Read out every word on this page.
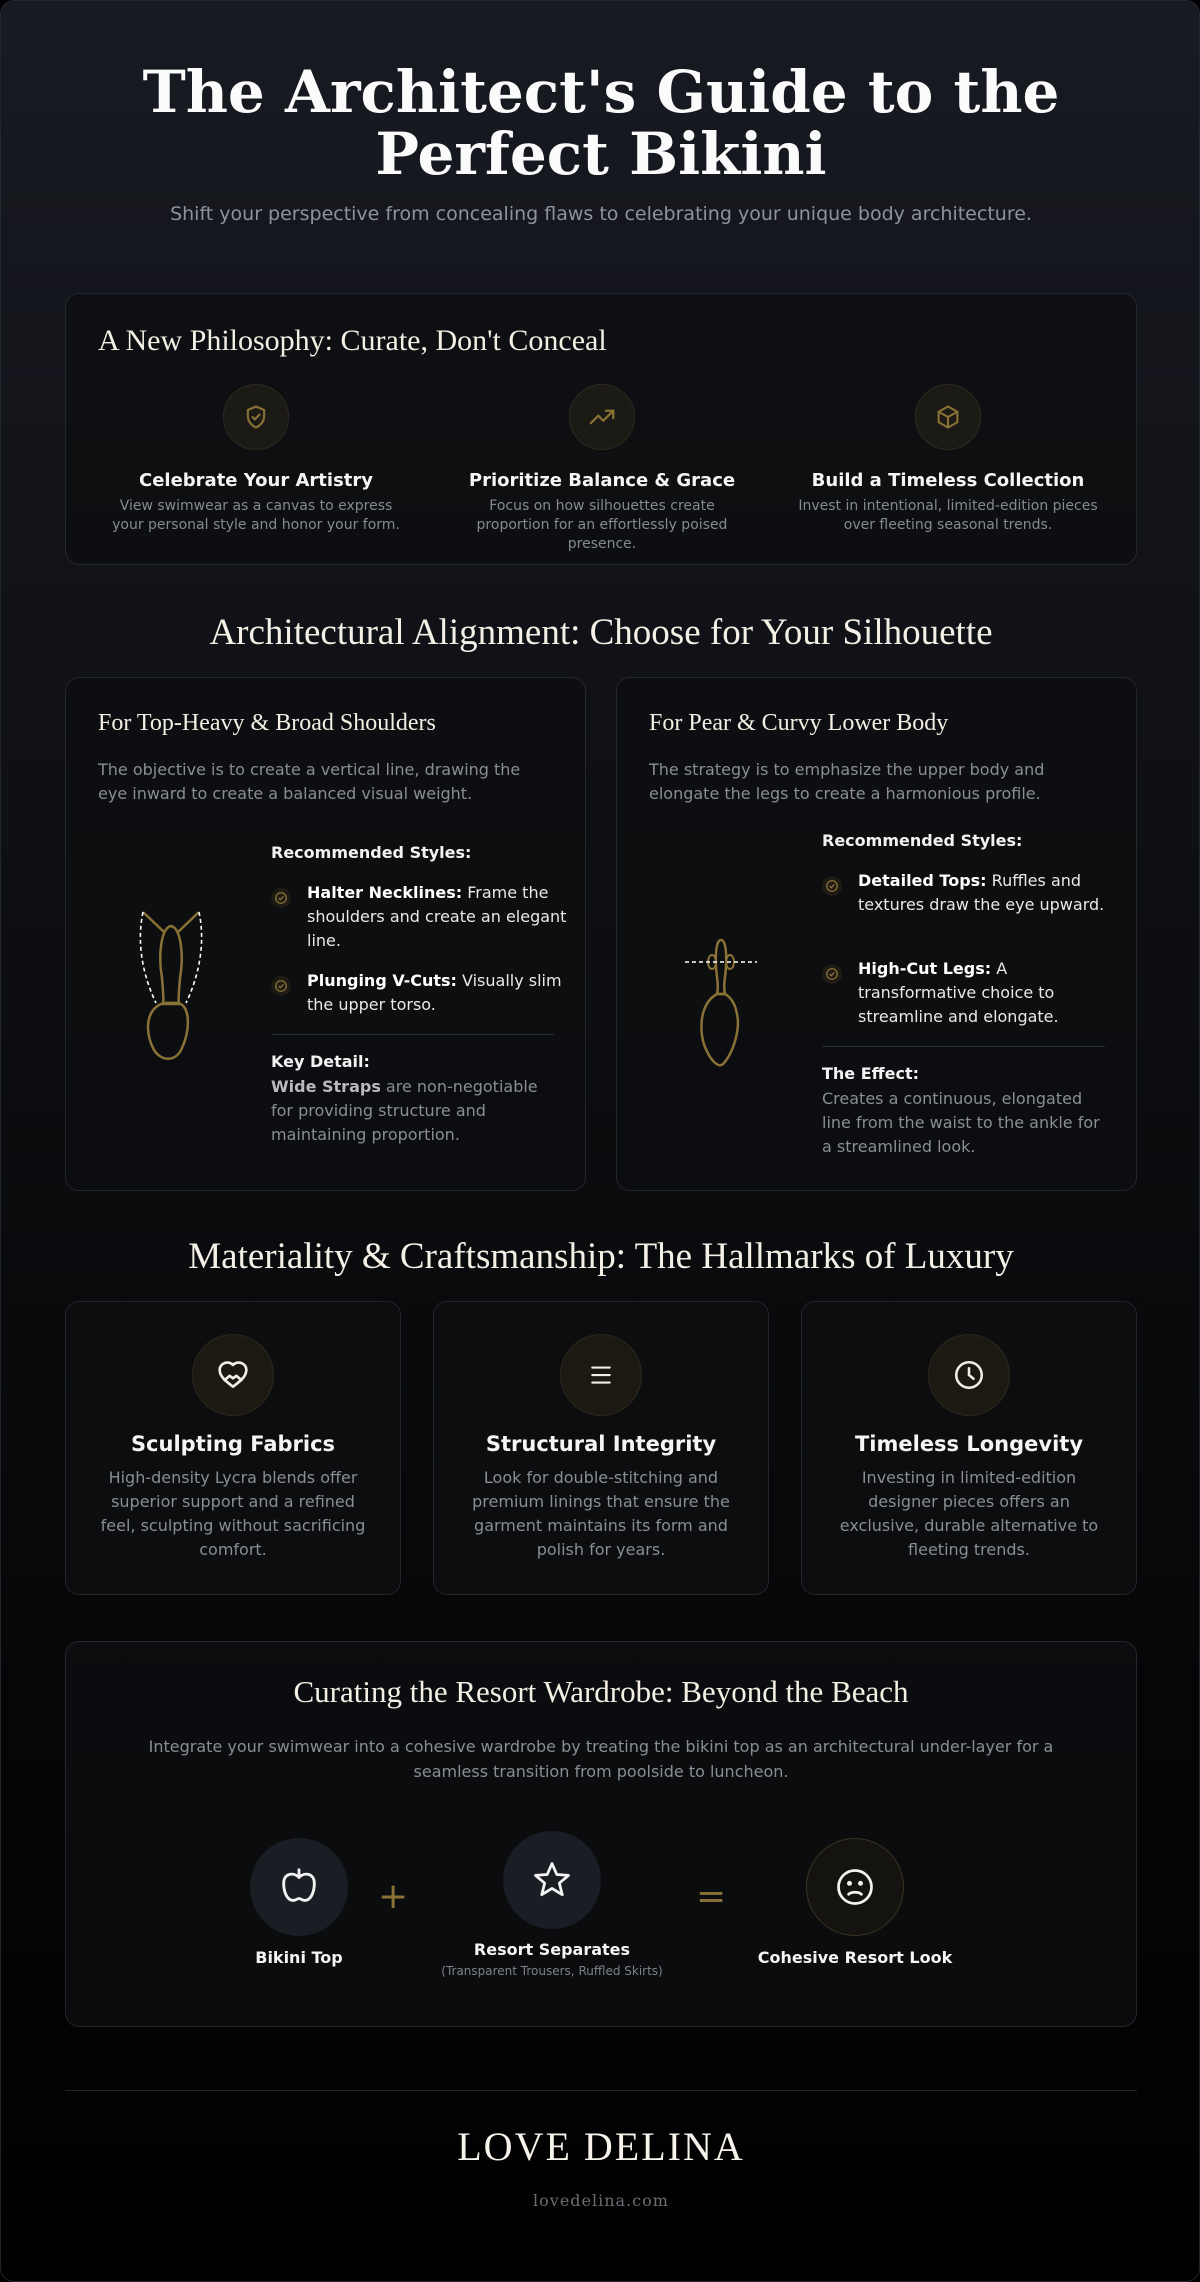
The Architect's Guide to the
Perfect Bikini
Shift your perspective from concealing flaws to celebrating your unique body architecture.
A New Philosophy: Curate, Don't Conceal
Celebrate Your Artistry

View swimwear as a canvas to express your personal style and honor your form.

Prioritize Balance & Grace

Focus on how silhouettes create proportion for an effortlessly poised presence.

Build a Timeless Collection

Invest in intentional, limited-edition pieces over fleeting seasonal trends.

Architectural Alignment: Choose for Your Silhouette
For Top-Heavy & Broad Shoulders
The objective is to create a vertical line, drawing the eye inward to create a balanced visual weight.
Recommended Styles:
Halter Necklines: Frame the shoulders and create an elegant line.
Plunging V-Cuts: Visually slim the upper torso.
Key Detail:
Wide Straps are non-negotiable for providing structure and maintaining proportion.
For Pear & Curvy Lower Body
The strategy is to emphasize the upper body and elongate the legs to create a harmonious profile.
Recommended Styles:
Detailed Tops: Ruffles and textures draw the eye upward.
High-Cut Legs: A transformative choice to streamline and elongate.
The Effect:
Creates a continuous, elongated line from the waist to the ankle for a streamlined look.
Materiality & Craftsmanship: The Hallmarks of Luxury
Sculpting Fabrics
High-density Lycra blends offer superior support and a refined feel, sculpting without sacrificing comfort.
Structural Integrity
Look for double-stitching and premium linings that ensure the garment maintains its form and polish for years.
Timeless Longevity
Investing in limited-edition designer pieces offers an exclusive, durable alternative to fleeting trends.
Curating the Resort Wardrobe: Beyond the Beach
Integrate your swimwear into a cohesive wardrobe by treating the bikini top as an architectural under-layer for a seamless transition from poolside to luncheon.
Bikini Top
+
Resort Separates
(Transparent Trousers, Ruffled Skirts)
=
Cohesive Resort Look
LOVE DELINA
lovedelina.com
